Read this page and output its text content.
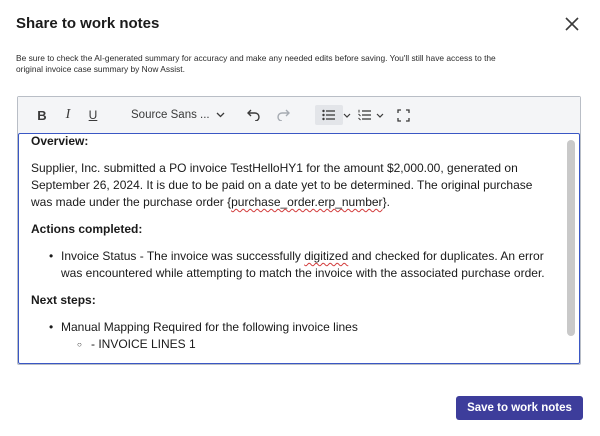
Share to work notes
Be sure to check the AI-generated summary for accuracy and make any needed edits before saving. You'll still have access to the
original invoice case summary by Now Assist.
B I	U	Source Sans ...

Overview:

Supplier, Inc. submitted a PO invoice TestHelloHY1 for the amount $2,000.00, generated on

September 26, 2024. It is due to be paid on a date yet to be determined. The original purchase

was made under the purchase order {purchase_order.erp_number}.

Actions completed:

• Invoice Status - The invoice was successfully digitized and checked for duplicates. An error
was encountered while attempting to match the invoice with the associated purchase order.

Next steps:

• Manual Mapping Required for the following invoice lines
○ - INVOICE LINES 1
Save to work notes
